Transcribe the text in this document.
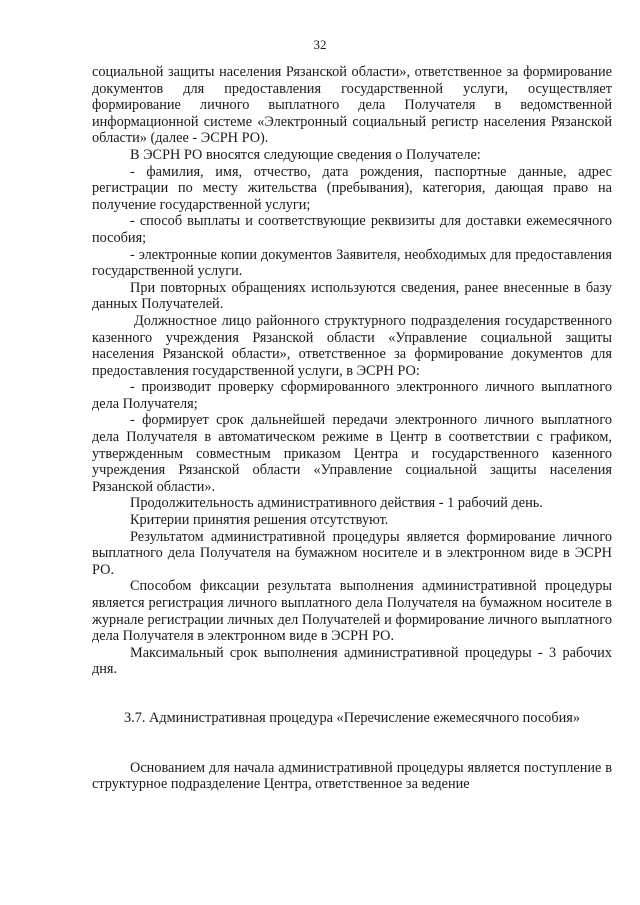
32

социальной защиты населения Рязанской области», ответственное за формирование документов для предоставления государственной услуги, осуществляет формирование личного выплатного дела Получателя в ведомственной информационной системе «Электронный социальный регистр населения Рязанской области» (далее - ЭСРН РО).

В ЭСРН РО вносятся следующие сведения о Получателе:

- фамилия, имя, отчество, дата рождения, паспортные данные, адрес регистрации по месту жительства (пребывания), категория, дающая право на получение государственной услуги;

- способ выплаты и соответствующие реквизиты для доставки ежемесячного пособия;

- электронные копии документов Заявителя, необходимых для предоставления государственной услуги.

При повторных обращениях используются сведения, ранее внесенные в базу данных Получателей.

Должностное лицо районного структурного подразделения государственного казенного учреждения Рязанской области «Управление социальной защиты населения Рязанской области», ответственное за формирование документов для предоставления государственной услуги, в ЭСРН РО:

- производит проверку сформированного электронного личного выплатного дела Получателя;

- формирует срок дальнейшей передачи электронного личного выплатного дела Получателя в автоматическом режиме в Центр в соответствии с графиком, утвержденным совместным приказом Центра и государственного казенного учреждения Рязанской области «Управление социальной защиты населения Рязанской области».

Продолжительность административного действия - 1 рабочий день.

Критерии принятия решения отсутствуют.

Результатом административной процедуры является формирование личного выплатного дела Получателя на бумажном носителе и в электронном виде в ЭСРН РО.

Способом фиксации результата выполнения административной процедуры является регистрация личного выплатного дела Получателя на бумажном носителе в журнале регистрации личных дел Получателей и формирование личного выплатного дела Получателя в электронном виде в ЭСРН РО.

Максимальный срок выполнения административной процедуры - 3 рабочих дня.

3.7. Административная процедура «Перечисление ежемесячного пособия»

Основанием для начала административной процедуры является поступление в структурное подразделение Центра, ответственное за ведение
